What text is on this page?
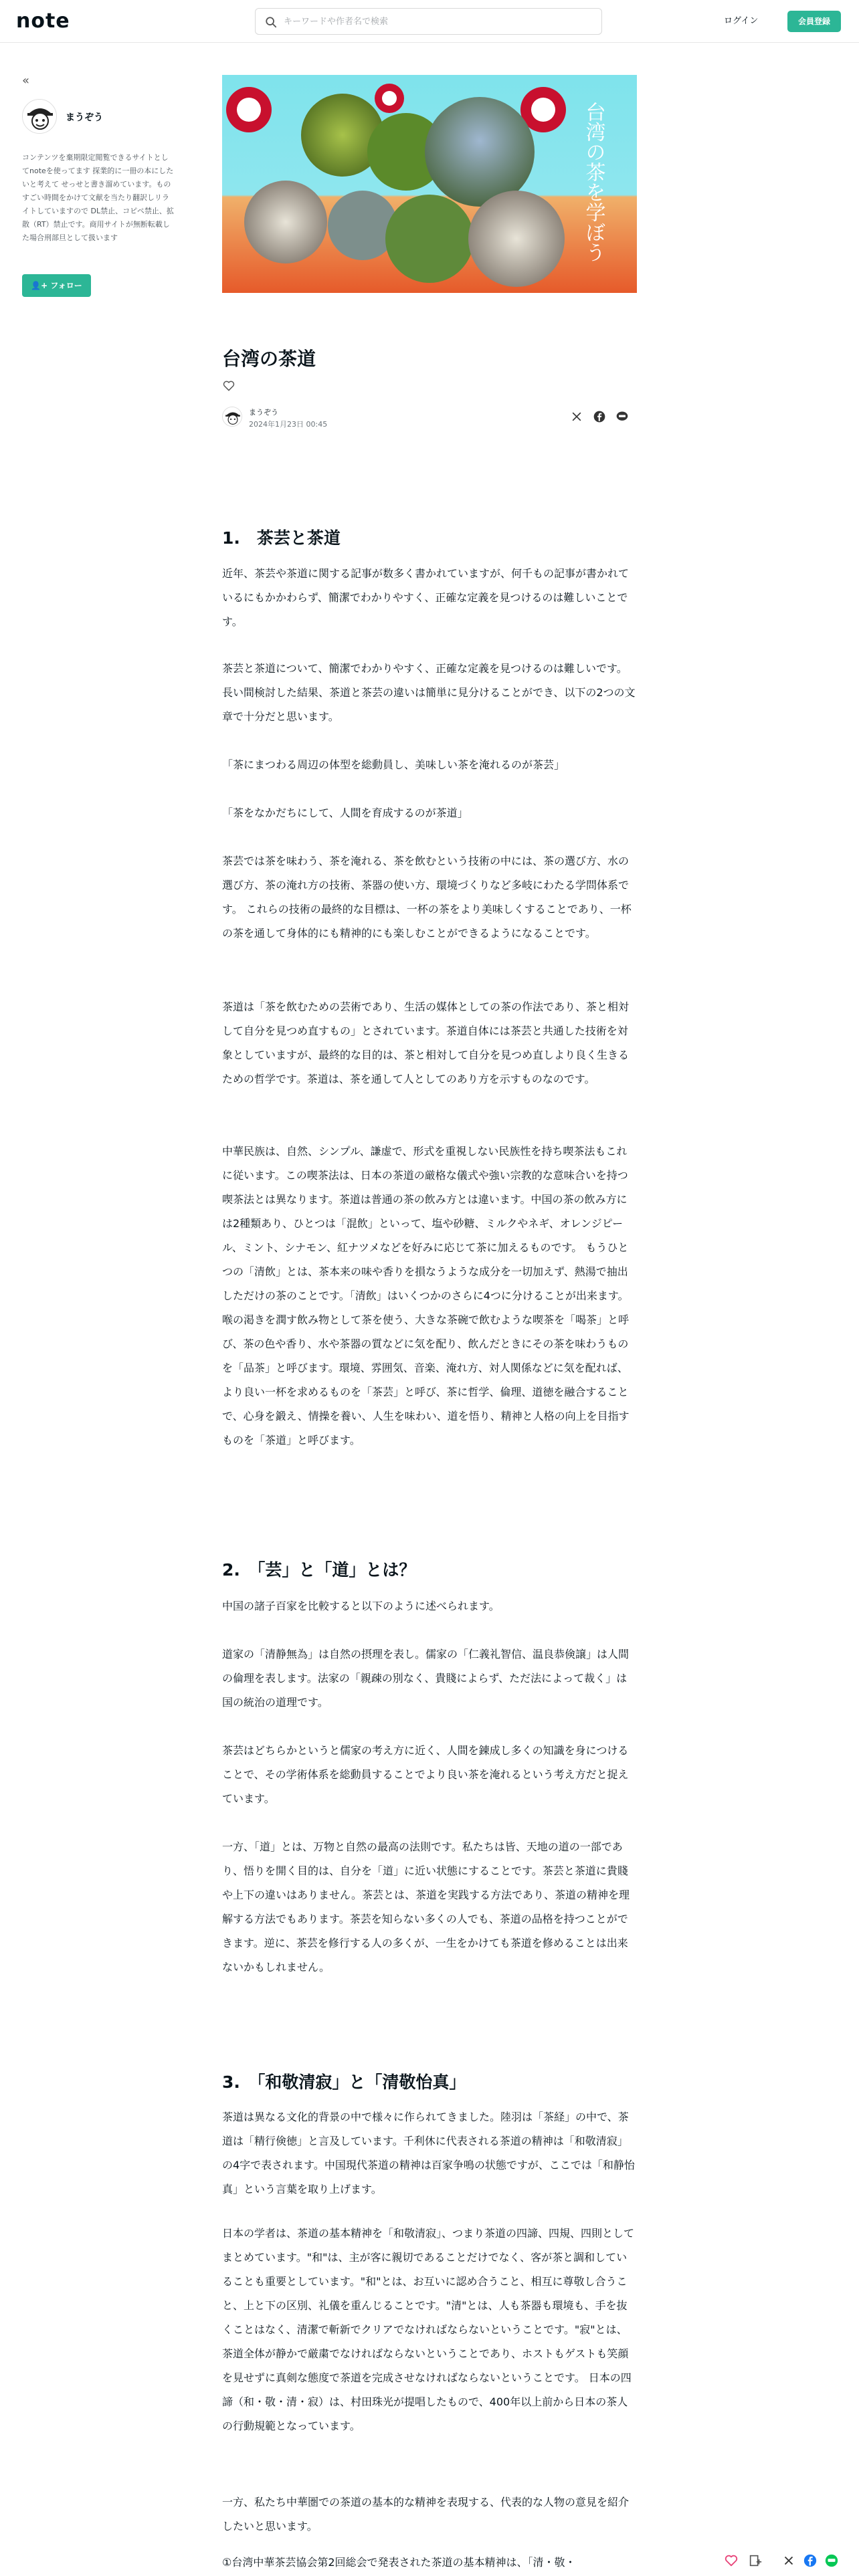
note
キーワードや作者名で検索	ログイン	会員登録
«
まうぞう
コンテンツを棄期限定閲覧できるサイトとしてnoteを使ってます 探業的に一冊の本にしたいと考えて せっせと書き溜めています。ものすごい時間をかけて文献を当たり翻訳しリライトしていますので DL禁止、コピペ禁止、拡散（RT）禁止です。商用サイトが無断転載した場合刑部旦として扱います
👤+ フォロー
台湾の茶を学ぼう
台湾の茶道
まうぞう
2024年1月23日 00:45
1.　茶芸と茶道
近年、茶芸や茶道に関する記事が数多く書かれていますが、何千もの記事が書かれているにもかかわらず、簡潔でわかりやすく、正確な定義を見つけるのは難しいことです。
茶芸と茶道について、簡潔でわかりやすく、正確な定義を見つけるのは難しいです。長い間検討した結果、茶道と茶芸の違いは簡単に見分けることができ、以下の2つの文章で十分だと思います。
「茶にまつわる周辺の体型を総動員し、美味しい茶を淹れるのが茶芸」
「茶をなかだちにして、人間を育成するのが茶道」
茶芸では茶を味わう、茶を淹れる、茶を飲むという技術の中には、茶の選び方、水の選び方、茶の淹れ方の技術、茶器の使い方、環境づくりなど多岐にわたる学問体系です。 これらの技術の最終的な目標は、一杯の茶をより美味しくすることであり、一杯の茶を通して身体的にも精神的にも楽しむことができるようになることです。
茶道は「茶を飲むための芸術であり、生活の媒体としての茶の作法であり、茶と相対して自分を見つめ直すもの」とされています。茶道自体には茶芸と共通した技術を対象としていますが、最終的な目的は、茶と相対して自分を見つめ直しより良く生きるための哲学です。茶道は、茶を通して人としてのあり方を示すものなのです。
中華民族は、自然、シンプル、謙虚で、形式を重視しない民族性を持ち喫茶法もこれに従います。この喫茶法は、日本の茶道の厳格な儀式や強い宗教的な意味合いを持つ喫茶法とは異なります。茶道は普通の茶の飲み方とは違います。中国の茶の飲み方には2種類あり、ひとつは「混飲」といって、塩や砂糖、ミルクやネギ、オレンジピール、ミント、シナモン、紅ナツメなどを好みに応じて茶に加えるものです。 もうひとつの「清飲」とは、茶本来の味や香りを損なうような成分を一切加えず、熱湯で抽出しただけの茶のことです。「清飲」はいくつかのさらに4つに分けることが出来ます。喉の渇きを潤す飲み物として茶を使う、大きな茶碗で飲むような喫茶を「喝茶」と呼び、茶の色や香り、水や茶器の質などに気を配り、飲んだときにその茶を味わうものを「品茶」と呼びます。環境、雰囲気、音楽、淹れ方、対人関係などに気を配れば、より良い一杯を求めるものを「茶芸」と呼び、茶に哲学、倫理、道徳を融合することで、心身を鍛え、情操を養い、人生を味わい、道を悟り、精神と人格の向上を目指すものを「茶道」と呼びます。
2.　「芸」と「道」とは？
中国の諸子百家を比較すると以下のように述べられます。
道家の「清静無為」は自然の摂理を表し。儒家の「仁義礼智信、温良恭倹譲」は人間の倫理を表します。法家の「親疎の別なく、貴賤によらず、ただ法によって裁く」は国の統治の道理です。
茶芸はどちらかというと儒家の考え方に近く、人間を錬成し多くの知識を身につけることで、その学術体系を総動員することでより良い茶を淹れるという考え方だと捉えています。
一方、「道」とは、万物と自然の最高の法則です。私たちは皆、天地の道の一部であり、悟りを開く目的は、自分を「道」に近い状態にすることです。茶芸と茶道に貴賤や上下の違いはありません。茶芸とは、茶道を実践する方法であり、茶道の精神を理解する方法でもあります。茶芸を知らない多くの人でも、茶道の品格を持つことができます。逆に、茶芸を修行する人の多くが、一生をかけても茶道を修めることは出来ないかもしれません。
3.　「和敬清寂」と「清敬怡真」
茶道は異なる文化的背景の中で様々に作られてきました。陸羽は「茶経」の中で、茶道は「精行倹徳」と言及しています。千利休に代表される茶道の精神は「和敬清寂」の4字で表されます。中国現代茶道の精神は百家争鳴の状態ですが、ここでは「和静怡真」という言葉を取り上げます。
日本の学者は、茶道の基本精神を「和敬清寂」、つまり茶道の四諦、四規、四則としてまとめています。"和"は、主が客に親切であることだけでなく、客が茶と調和していることも重要としています。"和"とは、お互いに認め合うこと、相互に尊敬し合うこと、上と下の区別、礼儀を重んじることです。"清"とは、人も茶器も環境も、手を抜くことはなく、清潔で斬新でクリアでなければならないということです。"寂"とは、茶道全体が静かで厳粛でなければならないということであり、ホストもゲストも笑顔を見せずに真剣な態度で茶道を完成させなければならないということです。 日本の四諦（和・敬・清・寂）は、村田珠光が提唱したもので、400年以上前から日本の茶人の行動規範となっています。
一方、私たち中華圏での茶道の基本的な精神を表現する、代表的な人物の意見を紹介したいと思います。
①台湾中華茶芸協会第2回総会で発表された茶道の基本精神は、「清・敬・
